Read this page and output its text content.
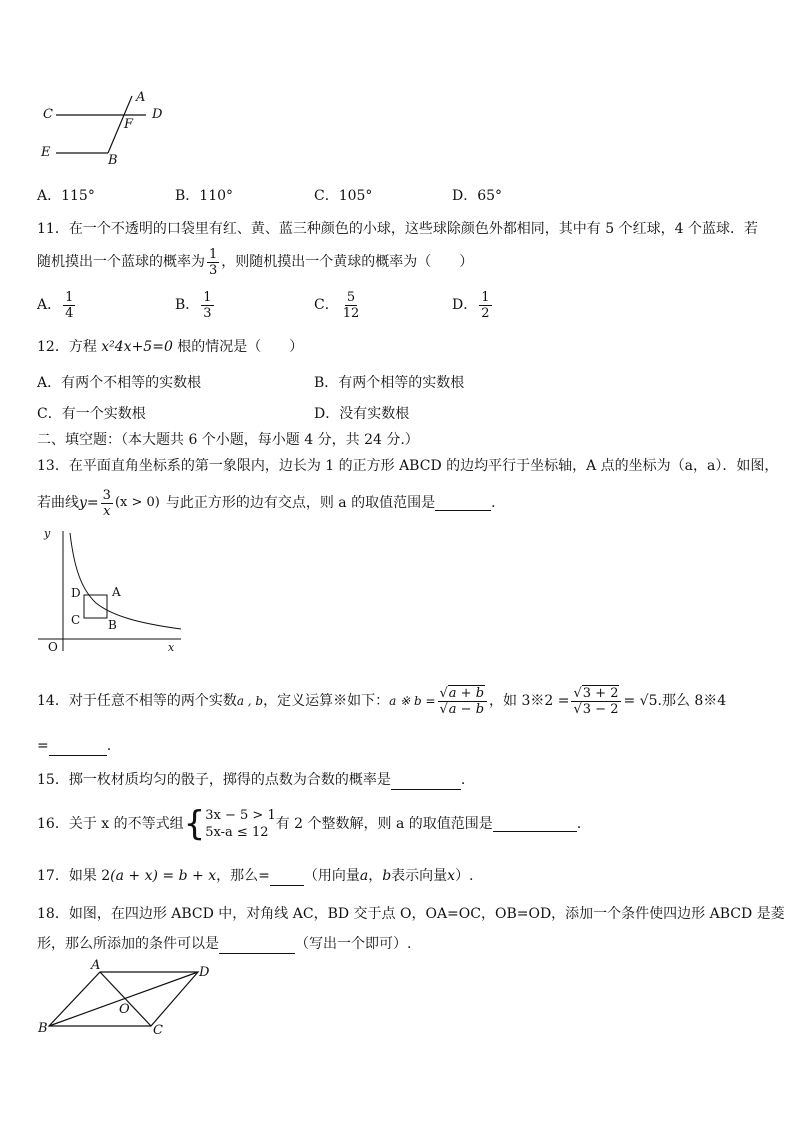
A
C	D
F
E
B
A．115°	B．110°	C．105°	D．65°
11．在一个不透明的口袋里有红、黄、蓝三种颜色的小球，这些球除颜色外都相同，其中有 5 个红球，4 个蓝球．若
随机摸出一个蓝球的概率为 $\frac{1}{3}$ ，则随机摸出一个黄球的概率为（　　）
A． $\frac{1}{4}$	B． $\frac{1}{3}$	C． $\frac{5}{12}$	D． $\frac{1}{2}$
12．方程 x²4x+5=0 根的情况是（　　）
A．有两个不相等的实数根	B．有两个相等的实数根
C．有一个实数根	D．没有实数根
二、填空题：（本大题共 6 个小题，每小题 4 分，共 24 分.）
13．在平面直角坐标系的第一象限内，边长为 1 的正方形 ABCD 的边均平行于坐标轴，A 点的坐标为（a，a）．如图，
若曲线 $y = \frac{3}{x} (x > 0)$ 与此正方形的边有交点，则 a 的取值范围是	.
y
x
O
D	A
C B
14．对于任意不相等的两个实数 a , b ，定义运算※如下： a ※ $b = \frac{√a + b}{√a - b}$ ，如 3※2 = $\frac{√3 + 2}{√3 - 2} = √5$ .那么 8※4
=	.
15．掷一枚材质均匀的骰子，掷得的点数为合数的概率是	.
16．关于 x 的不等式组 { 3x − 5 > 1
5x-a ≤ 12
有 2 个整数解，则 a 的取值范围是	.
17．如果 2 (a + x) = b + x ，那么= （用向量 a ， b 表示向量 x ）.
18．如图，在四边形 ABCD 中，对角线 AC，BD 交于点 O，OA=OC，OB=OD，添加一个条件使四边形 ABCD 是菱
形，那么所添加的条件可以是	（写出一个即可）.
A	D
O
B	C
